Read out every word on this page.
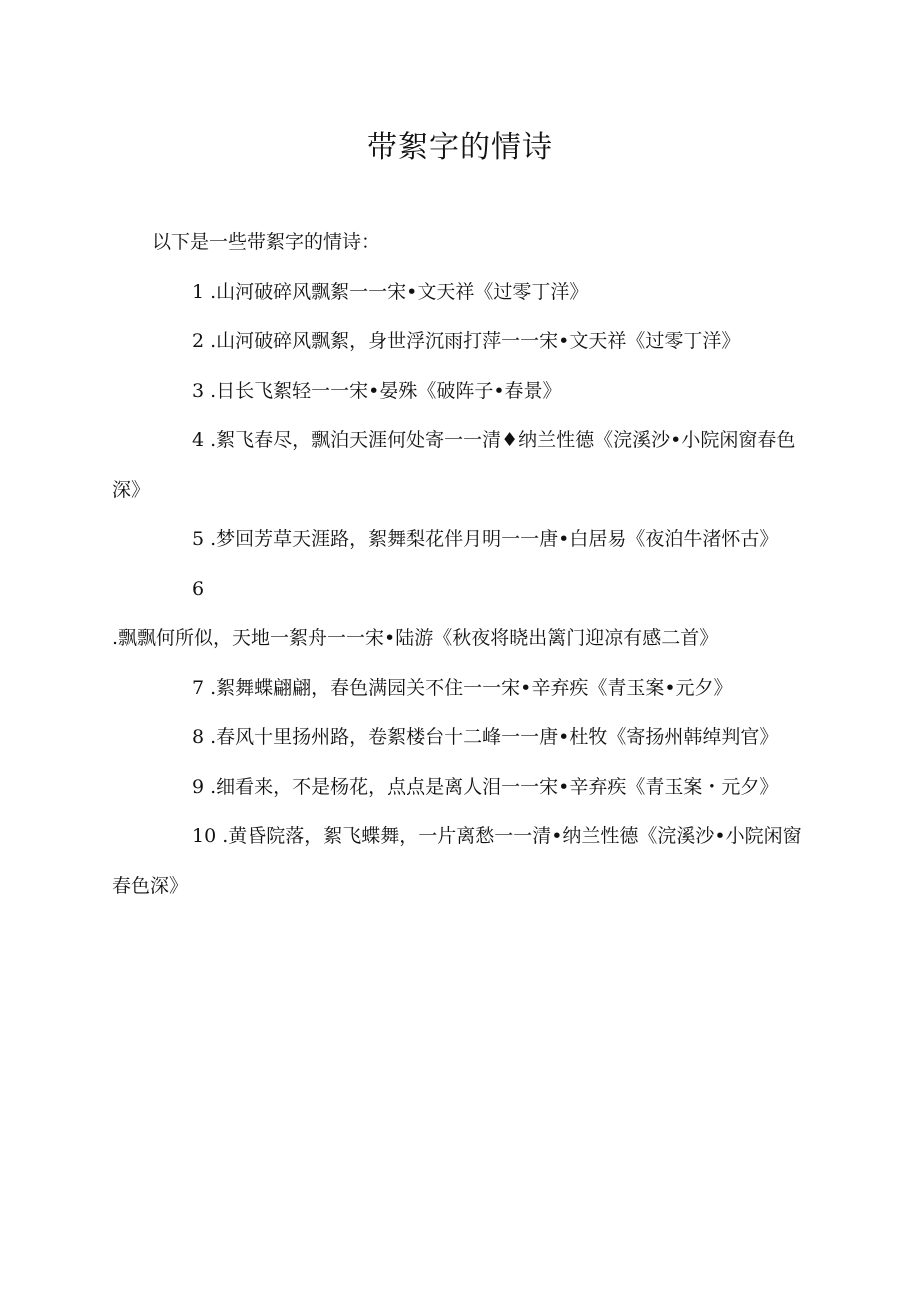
带絮字的情诗

以下是一些带絮字的情诗：

1 .山河破碎风飘絮一一宋•文天祥《过零丁洋》

2 .山河破碎风飘絮，身世浮沉雨打萍一一宋•文天祥《过零丁洋》

3 .日长飞絮轻一一宋•晏殊《破阵子•春景》

4 .絮飞春尽，飘泊天涯何处寄一一清♦纳兰性德《浣溪沙•小院闲窗春色深》

5 .梦回芳草天涯路，絮舞梨花伴月明一一唐•白居易《夜泊牛渚怀古》

6.飘飘何所似，天地一絮舟一一宋•陆游《秋夜将晓出篱门迎凉有感二首》

7 .絮舞蝶翩翩，春色满园关不住一一宋•辛弃疾《青玉案•元夕》

8 .春风十里扬州路，卷絮楼台十二峰一一唐•杜牧《寄扬州韩绰判官》

9 .细看来，不是杨花，点点是离人泪一一宋•辛弃疾《青玉案・元夕》

10 .黄昏院落，絮飞蝶舞，一片离愁一一清•纳兰性德《浣溪沙•小院闲窗春色深》
